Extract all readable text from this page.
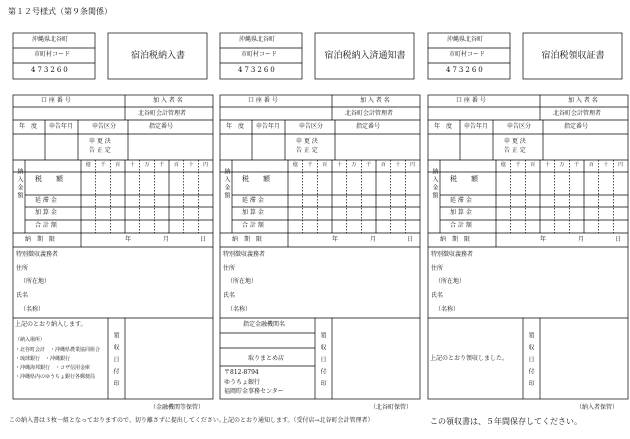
第１２号様式（第９条関係）
沖縄県北谷町
市町村コード
473260
宿泊税納入書
口 座 番 号	加 入 者 名
北谷町会計管理者
年　度 申告年月	申告区分	指定番号
申 更 決
告 正 定
億 千 百 十 万 千 百 十 円
納入金額 税　　額
延 滞 金
加 算 金
合 計 額
納　期　限	年	月	日
特別徴収義務者
住所
（所在地）
氏名
（名称）
領収日付印
沖縄県北谷町
市町村コード
473260
宿泊税納入済通知書
口 座 番 号	加 入 者 名
北谷町会計管理者
年　度 申告年月	申告区分	指定番号
申 更 決
告 正 定
億 千 百 十 万 千 百 十 円
納入金額 税　　額
延 滞 金
加 算 金
合 計 額
納　期　限	年	月	日
特別徴収義務者
住所
（所在地）
氏名
（名称）
領収日付印
沖縄県北谷町
市町村コード
473260
宿泊税領収証書
口 座 番 号	加 入 者 名
北谷町会計管理者
年　度 申告年月	申告区分	指定番号
申 更 決
告 正 定
億 千 百 十 万 千 百 十 円
納入金額 税　　額
延 滞 金
加 算 金
合 計 額
納　期　限	年	月	日
特別徴収義務者
住所
（所在地）
氏名
（名称）
領収日付印
上記のとおり納入します。
（納入場所）
・北谷町会計　・沖縄県農業協同組合
・琉球銀行　・沖縄銀行
・沖縄海邦銀行　・コザ信用金庫
・沖縄県内のゆうちょ銀行各郵便局
指定金融機関名
取りまとめ店
〒812-8794
ゆうちょ銀行
福岡貯金事務センター
上記のとおり領収しました。
（金融機関等保管）	（北谷町保管）	（納入者保管）
この納入書は３枚一組となっておりますので、切り離さずに提出してください。
上記のとおり通知します。（受付店→北谷町会計管理者）	この領収書は、５年間保存してください。
